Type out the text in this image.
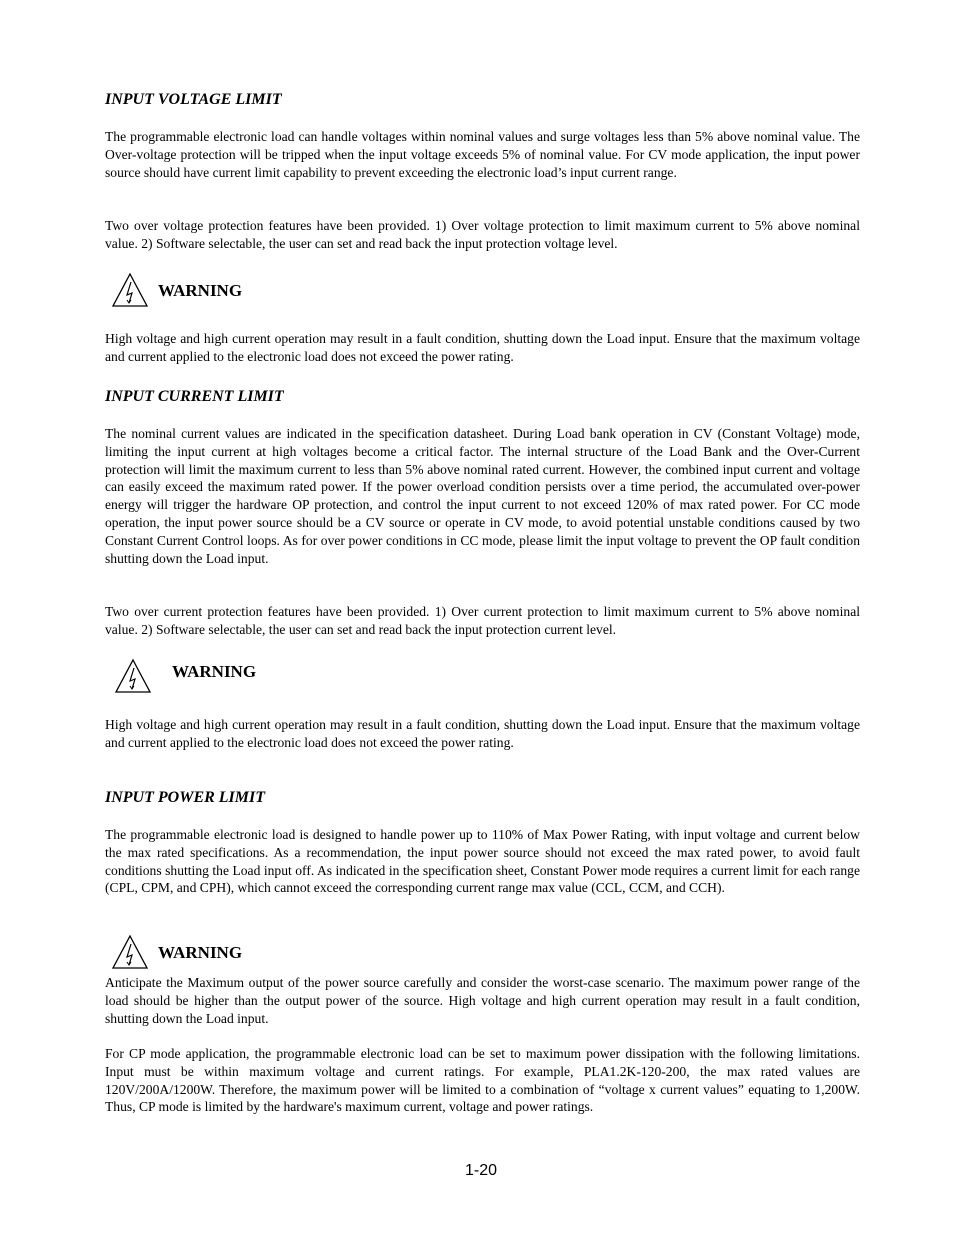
INPUT VOLTAGE LIMIT

The programmable electronic load can handle voltages within nominal values and surge voltages less than 5% above nominal value. The Over-voltage protection will be tripped when the input voltage exceeds 5% of nominal value. For CV mode application, the input power source should have current limit capability to prevent exceeding the electronic load’s input current range.

Two over voltage protection features have been provided. 1) Over voltage protection to limit maximum current to 5% above nominal value. 2) Software selectable, the user can set and read back the input protection voltage level.

WARNING

High voltage and high current operation may result in a fault condition, shutting down the Load input. Ensure that the maximum voltage and current applied to the electronic load does not exceed the power rating.

INPUT CURRENT LIMIT

The nominal current values are indicated in the specification datasheet. During Load bank operation in CV (Constant Voltage) mode, limiting the input current at high voltages become a critical factor. The internal structure of the Load Bank and the Over-Current protection will limit the maximum current to less than 5% above nominal rated current. However, the combined input current and voltage can easily exceed the maximum rated power. If the power overload condition persists over a time period, the accumulated over-power energy will trigger the hardware OP protection, and control the input current to not exceed 120% of max rated power. For CC mode operation, the input power source should be a CV source or operate in CV mode, to avoid potential unstable conditions caused by two Constant Current Control loops. As for over power conditions in CC mode, please limit the input voltage to prevent the OP fault condition shutting down the Load input.

Two over current protection features have been provided. 1) Over current protection to limit maximum current to 5% above nominal value. 2) Software selectable, the user can set and read back the input protection current level.

WARNING

High voltage and high current operation may result in a fault condition, shutting down the Load input. Ensure that the maximum voltage and current applied to the electronic load does not exceed the power rating.

INPUT POWER LIMIT

The programmable electronic load is designed to handle power up to 110% of Max Power Rating, with input voltage and current below the max rated specifications. As a recommendation, the input power source should not exceed the max rated power, to avoid fault conditions shutting the Load input off. As indicated in the specification sheet, Constant Power mode requires a current limit for each range (CPL, CPM, and CPH), which cannot exceed the corresponding current range max value (CCL, CCM, and CCH).

WARNING

Anticipate the Maximum output of the power source carefully and consider the worst-case scenario. The maximum power range of the load should be higher than the output power of the source. High voltage and high current operation may result in a fault condition, shutting down the Load input.

For CP mode application, the programmable electronic load can be set to maximum power dissipation with the following limitations. Input must be within maximum voltage and current ratings. For example, PLA1.2K-120-200, the max rated values are 120V/200A/1200W. Therefore, the maximum power will be limited to a combination of “voltage x current values” equating to 1,200W. Thus, CP mode is limited by the hardware's maximum current, voltage and power ratings.

1-20
